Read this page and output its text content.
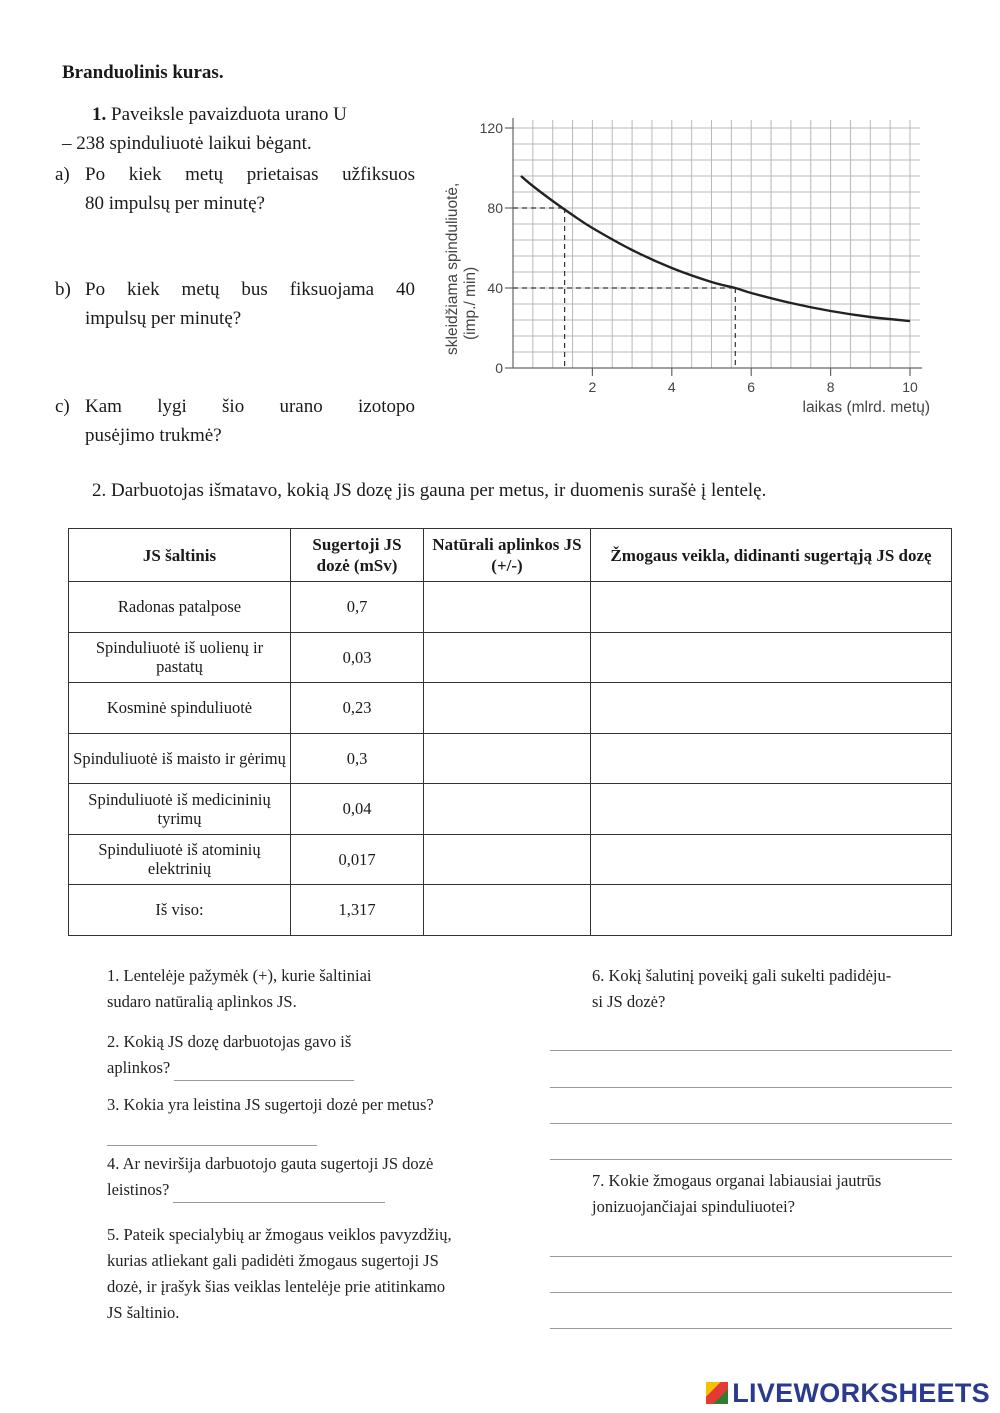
Branduolinis kuras.
1. Paveiksle pavaizduota urano U
– 238 spinduliuotė laikui bėgant.
a) Po kiek metų prietaisas užfiksuos
80 impulsų per minutę?
b) Po kiek metų bus fiksuojama 40
impulsų per minutę?
c) Kam lygi šio urano izotopo
pusėjimo trukmė?
0
40
80
120
2	4	6	8	10
skleidžiama spinduliuotė, (imp./ min)
laikas (mlrd. metų)
2. Darbuotojas išmatavo, kokią JS dozę jis gauna per metus, ir duomenis surašė į lentelę.
JS šaltinis	Sugertoji JS dozė (mSv)	Natūrali aplinkos JS (+/-)	Žmogaus veikla, didinanti sugertąją JS dozę
Radonas patalpose	0,7		
Spinduliuotė iš uolienų ir pastatų	0,03		
Kosminė spinduliuotė	0,23		
Spinduliuotė iš maisto ir gėrimų	0,3		
Spinduliuotė iš medicininių tyrimų	0,04		
Spinduliuotė iš atominių elektrinių	0,017		
Iš viso:	1,317		
1. Lentelėje pažymėk (+), kurie šaltiniai
sudaro natūralią aplinkos JS.
2. Kokią JS dozę darbuotojas gavo iš
aplinkos?
3. Kokia yra leistina JS sugertoji dozė per metus?
4. Ar neviršija darbuotojo gauta sugertoji JS dozė
leistinos?
5. Pateik specialybių ar žmogaus veiklos pavyzdžių,
kurias atliekant gali padidėti žmogaus sugertoji JS
dozė, ir įrašyk šias veiklas lentelėje prie atitinkamo
JS šaltinio.
6. Kokį šalutinį poveikį gali sukelti padidėju-
si JS dozė?
7. Kokie žmogaus organai labiausiai jautrūs
jonizuojančiajai spinduliuotei?
LIVEWORKSHEETS
